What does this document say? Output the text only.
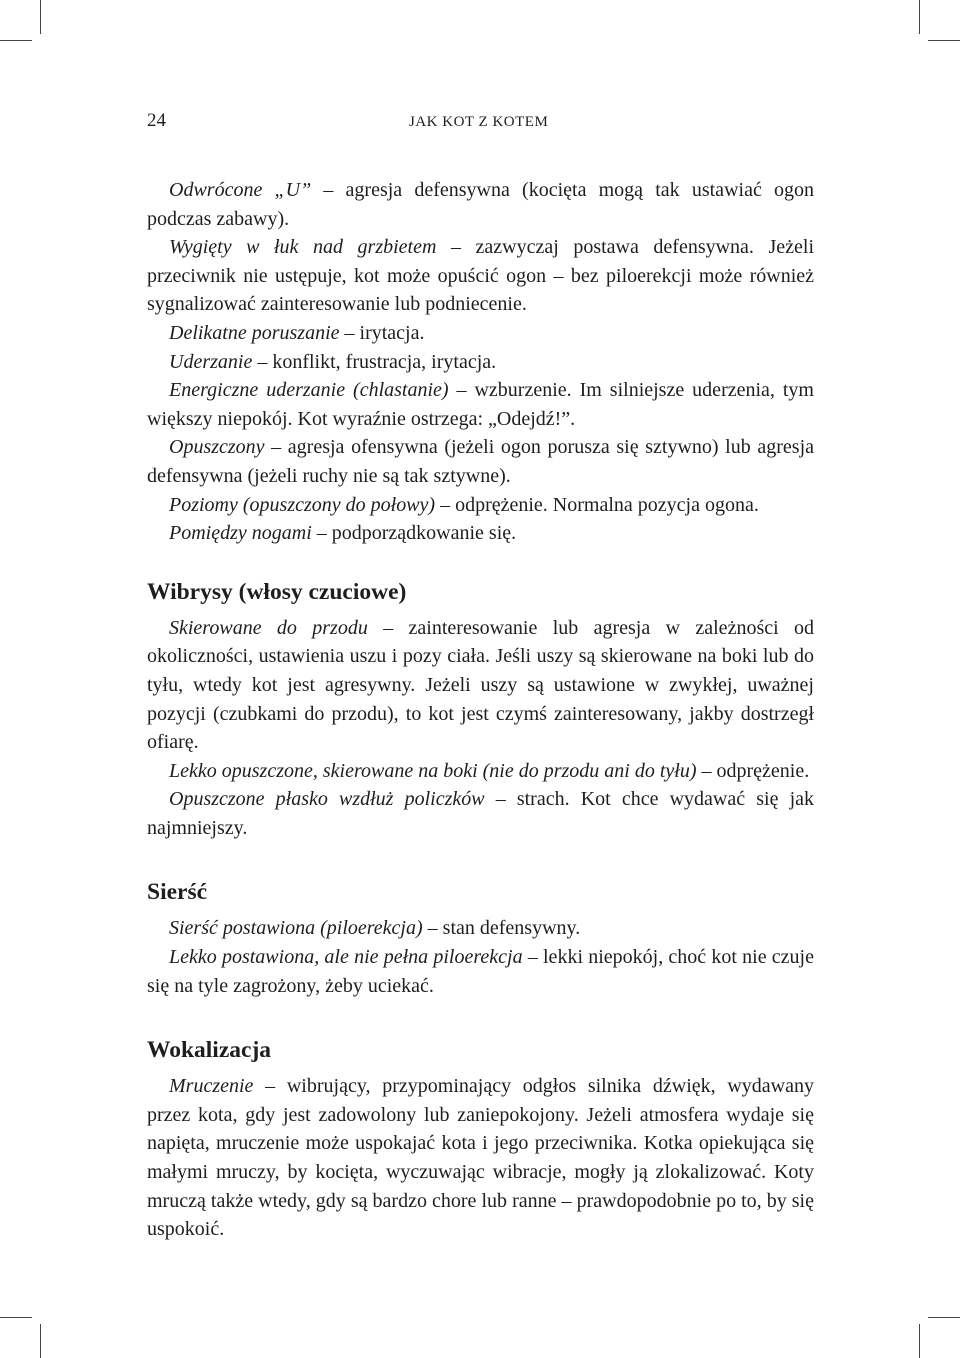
24	JAK KOT Z KOTEM

Odwrócone „U” – agresja defensywna (kocięta mogą tak ustawiać ogon podczas zabawy).

Wygięty w łuk nad grzbietem – zazwyczaj postawa defensywna. Jeżeli przeciwnik nie ustępuje, kot może opuścić ogon – bez piloerekcji może również sygnalizować zainteresowanie lub podniecenie.

Delikatne poruszanie – irytacja.

Uderzanie – konflikt, frustracja, irytacja.

Energiczne uderzanie (chlastanie) – wzburzenie. Im silniejsze uderzenia, tym większy niepokój. Kot wyraźnie ostrzega: „Odejdź!”.

Opuszczony – agresja ofensywna (jeżeli ogon porusza się sztywno) lub agresja defensywna (jeżeli ruchy nie są tak sztywne).

Poziomy (opuszczony do połowy) – odprężenie. Normalna pozycja ogona.

Pomiędzy nogami – podporządkowanie się.

Wibrysy (włosy czuciowe)

Skierowane do przodu – zainteresowanie lub agresja w zależności od okoliczności, ustawienia uszu i pozy ciała. Jeśli uszy są skierowane na boki lub do tyłu, wtedy kot jest agresywny. Jeżeli uszy są ustawione w zwykłej, uważnej pozycji (czubkami do przodu), to kot jest czymś zainteresowany, jakby dostrzegł ofiarę.

Lekko opuszczone, skierowane na boki (nie do przodu ani do tyłu) – odprężenie.

Opuszczone płasko wzdłuż policzków – strach. Kot chce wydawać się jak najmniejszy.

Sierść

Sierść postawiona (piloerekcja) – stan defensywny.

Lekko postawiona, ale nie pełna piloerekcja – lekki niepokój, choć kot nie czuje się na tyle zagrożony, żeby uciekać.

Wokalizacja

Mruczenie – wibrujący, przypominający odgłos silnika dźwięk, wydawany przez kota, gdy jest zadowolony lub zaniepokojony. Jeżeli atmosfera wydaje się napięta, mruczenie może uspokajać kota i jego przeciwnika. Kotka opiekująca się małymi mruczy, by kocięta, wyczuwając wibracje, mogły ją zlokalizować. Koty mruczą także wtedy, gdy są bardzo chore lub ranne – prawdopodobnie po to, by się uspokoić.
